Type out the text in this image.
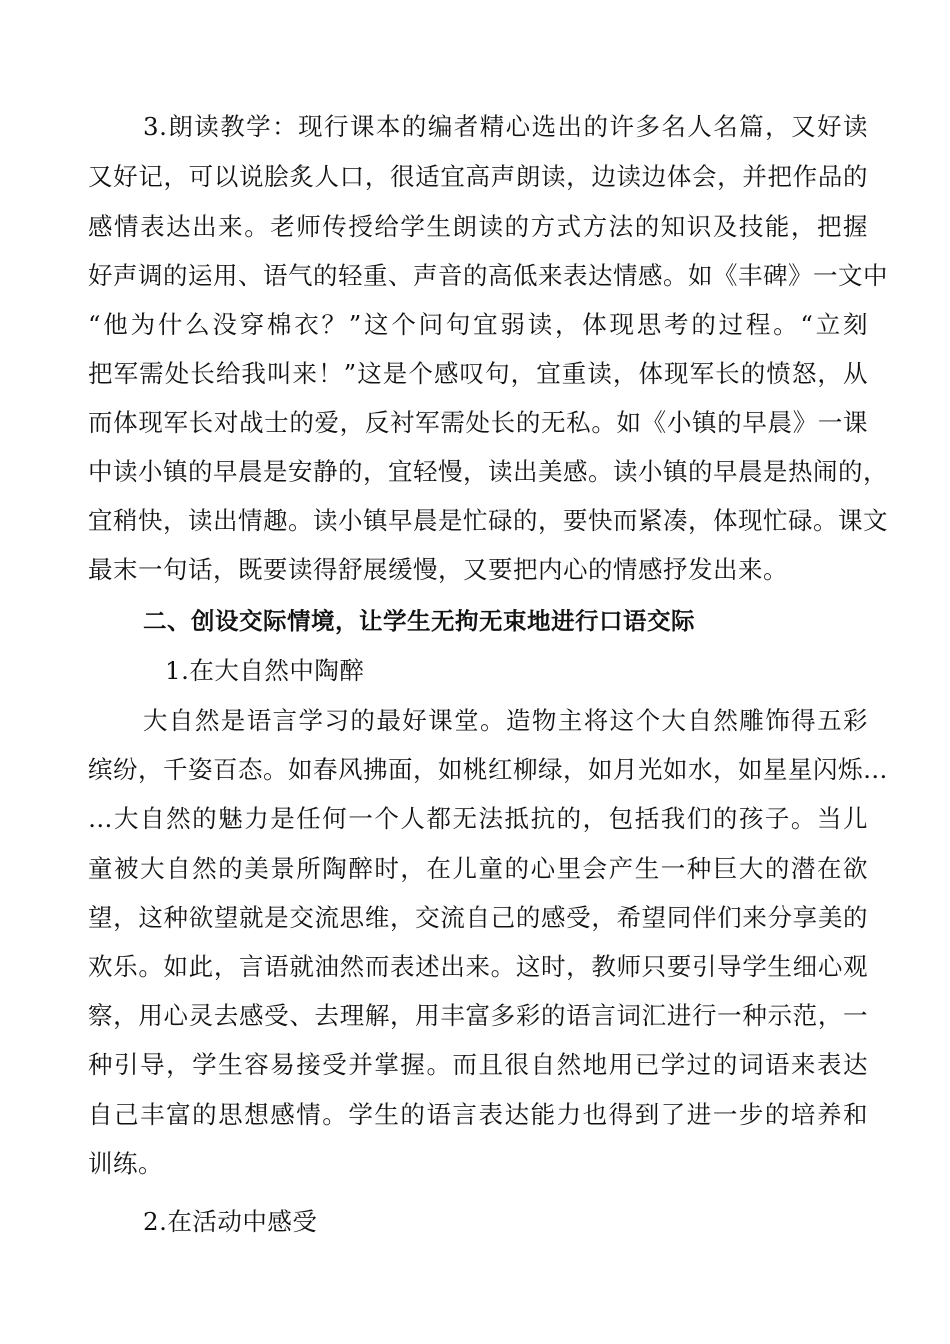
3.朗读教学：现行课本的编者精心选出的许多名人名篇，又好读
又好记，可以说脍炙人口，很适宜高声朗读，边读边体会，并把作品的
感情表达出来。老师传授给学生朗读的方式方法的知识及技能，把握
好声调的运用、语气的轻重、声音的高低来表达情感。如《丰碑》一文中
“他为什么没穿棉衣？”这个问句宜弱读，体现思考的过程。“立刻
把军需处长给我叫来！”这是个感叹句，宜重读，体现军长的愤怒，从
而体现军长对战士的爱，反衬军需处长的无私。如《小镇的早晨》一课
中读小镇的早晨是安静的，宜轻慢，读出美感。读小镇的早晨是热闹的，
宜稍快，读出情趣。读小镇早晨是忙碌的，要快而紧凑，体现忙碌。课文
最末一句话，既要读得舒展缓慢，又要把内心的情感抒发出来。
二、创设交际情境，让学生无拘无束地进行口语交际
1.在大自然中陶醉
大自然是语言学习的最好课堂。造物主将这个大自然雕饰得五彩
缤纷，千姿百态。如春风拂面，如桃红柳绿，如月光如水，如星星闪烁…
…大自然的魅力是任何一个人都无法抵抗的，包括我们的孩子。当儿
童被大自然的美景所陶醉时，在儿童的心里会产生一种巨大的潜在欲
望，这种欲望就是交流思维，交流自己的感受，希望同伴们来分享美的
欢乐。如此，言语就油然而表述出来。这时，教师只要引导学生细心观
察，用心灵去感受、去理解，用丰富多彩的语言词汇进行一种示范，一
种引导，学生容易接受并掌握。而且很自然地用已学过的词语来表达
自己丰富的思想感情。学生的语言表达能力也得到了进一步的培养和
训练。
2.在活动中感受
